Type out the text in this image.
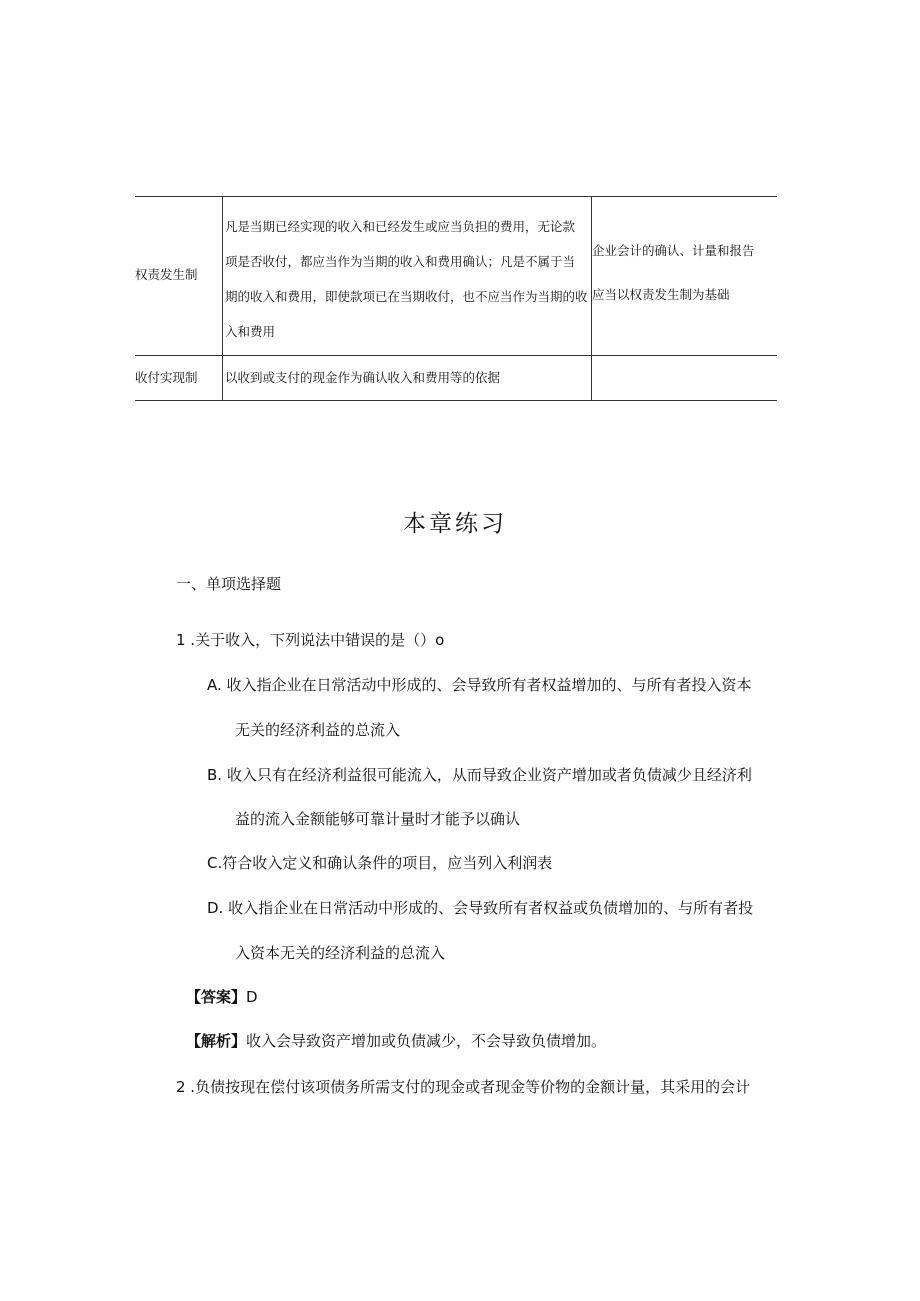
权责发生制
凡是当期已经实现的收入和已经发生或应当负担的费用，无论款
项是否收付，都应当作为当期的收入和费用确认；凡是不属于当
期的收入和费用，即使款项已在当期收付，也不应当作为当期的收
入和费用
企业会计的确认、计量和报告
应当以权责发生制为基础
收付实现制	以收到或支付的现金作为确认收入和费用等的依据
本章练习
一、单项选择题
1 .关于收入，下列说法中错误的是（）o
A. 收入指企业在日常活动中形成的、会导致所有者权益增加的、与所有者投入资本
无关的经济利益的总流入
B. 收入只有在经济利益很可能流入，从而导致企业资产增加或者负债减少且经济利
益的流入金额能够可靠计量时才能予以确认
C.符合收入定义和确认条件的项目，应当列入利润表
D. 收入指企业在日常活动中形成的、会导致所有者权益或负债增加的、与所有者投
入资本无关的经济利益的总流入
【答案】D
【解析】收入会导致资产增加或负债减少，不会导致负债增加。
2 .负债按现在偿付该项债务所需支付的现金或者现金等价物的金额计量，其采用的会计
